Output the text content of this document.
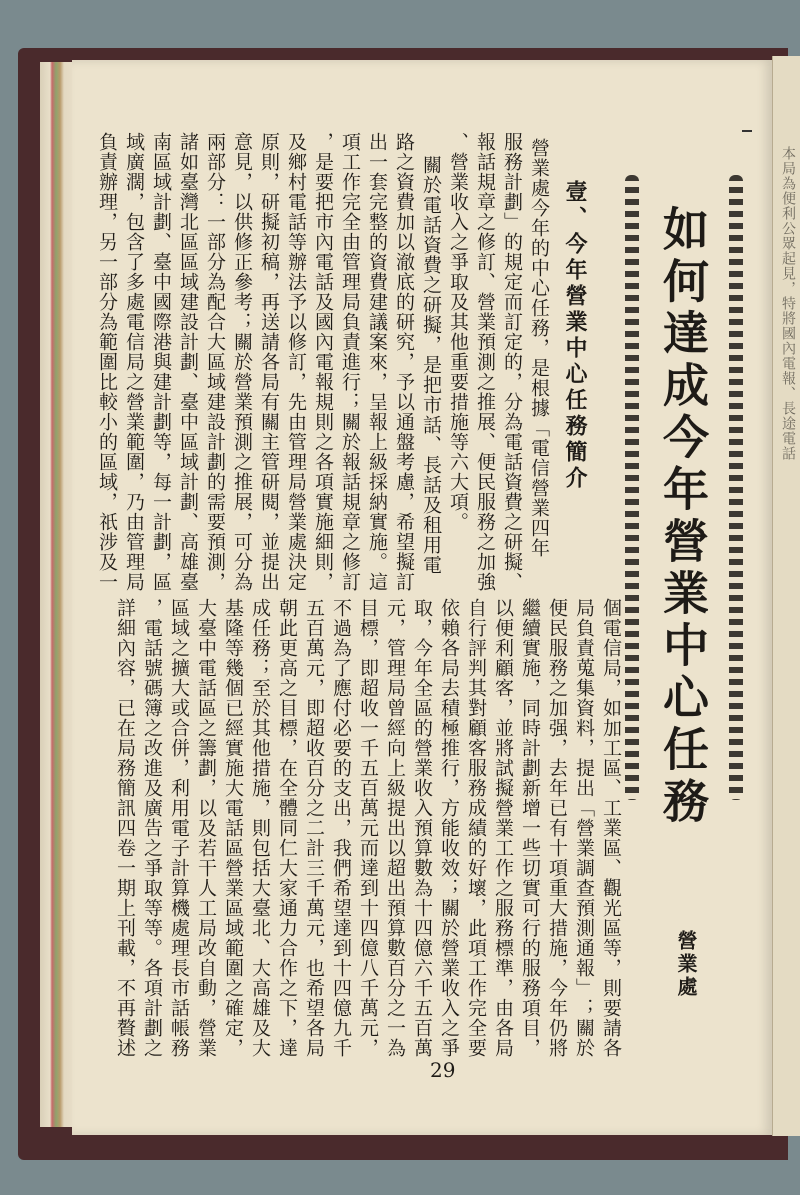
本局為便利公眾起見，特將國內電報、長途電話
如何達成今年營業中心任務
壹、今年營業中心任務簡介
營業處今年的中心任務，是根據「電信營業四年
服務計劃」的規定而訂定的，分為電話資費之研擬、
報話規章之修訂、營業預測之推展、便民服務之加強
、營業收入之爭取及其他重要措施等六大項。
關於電話資費之研擬，是把市話、長話及租用電
路之資費加以澈底的研究，予以通盤考慮，希望擬訂
出一套完整的資費建議案來，呈報上級採納實施。這
項工作完全由管理局負責進行；關於報話規章之修訂
，是要把市內電話及國內電報規則之各項實施細則，
及鄉村電話等辦法予以修訂，先由管理局營業處決定
原則，研擬初稿，再送請各局有關主管研閱，並提出
意見，以供修正參考；關於營業預測之推展，可分為
兩部分：一部分為配合大區域建設計劃的需要預測，
諸如臺灣北區區域建設計劃、臺中區域計劃、高雄臺
南區域計劃、臺中國際港與建計劃等，每一計劃，區
域廣濶，包含了多處電信局之營業範圍，乃由管理局
負責辦理，另一部分為範圍比較小的區域，祇涉及一
個電信局，如加工區、工業區、觀光區等，則要請各
局負責蒐集資料，提出「營業調查預測通報」；關於
便民服務之加强，去年已有十項重大措施，今年仍將
繼續實施，同時計劃新增一些切實可行的服務項目，
以便利顧客，並將試擬營業工作之服務標準，由各局
自行評判其對顧客服務成績的好壞，此項工作完全要
依賴各局去積極推行，方能收效；關於營業收入之爭
取，今年全區的營業收入預算數為十四億六千五百萬
元，管理局曾經向上級提出以超出預算數百分之一為
目標，即超收一千五百萬元而達到十四億八千萬元，
不過為了應付必要的支出，我們希望達到十四億九千
五百萬元，即超收百分之二計三千萬元，也希望各局
朝此更高之目標，在全體同仁大家通力合作之下，達
成任務；至於其他措施，則包括大臺北、大高雄及大
基隆等幾個已經實施大電話區營業區域範圍之確定，
大臺中電話區之籌劃，以及若干人工局改自動，營業
區域之擴大或合併，利用電子計算機處理長市話帳務
，電話號碼簿之改進及廣告之爭取等等。各項計劃之
詳細內容，已在局務簡訊四卷一期上刊載，不再贅述	營業處
29
